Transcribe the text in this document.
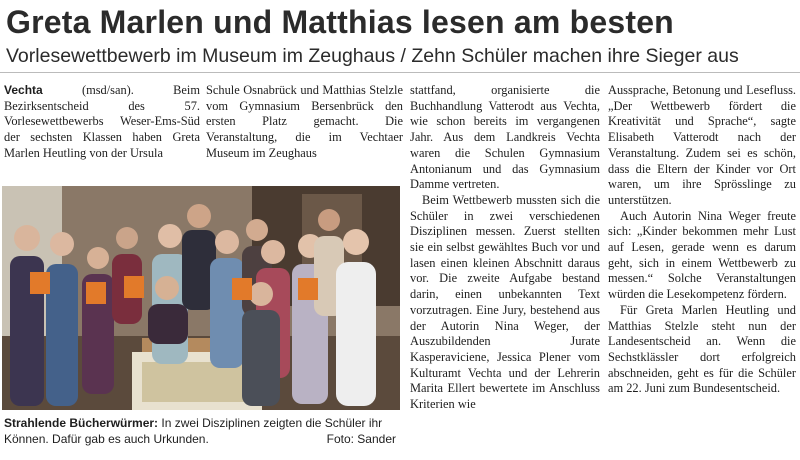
Greta Marlen und Matthias lesen am besten
Vorlesewettbewerb im Museum im Zeughaus / Zehn Schüler machen ihre Sieger aus

Vechta (msd/san). Beim Bezirksentscheid des 57. Vorlesewettbewerbs Weser-Ems-Süd der sechsten Klassen haben Greta Marlen Heutling von der Ursula

Schule Osnabrück und Matthias Stelzle vom Gymnasium Bersenbrück den ersten Platz gemacht. Die Veranstaltung, die im Vechtaer Museum im Zeughaus

Strahlende Bücherwürmer: In zwei Disziplinen zeigten die Schüler ihr Können. Dafür gab es auch Urkunden.	Foto: Sander

stattfand, organisierte die Buchhandlung Vatterodt aus Vechta, wie schon bereits im vergangenen Jahr. Aus dem Landkreis Vechta waren die Schulen Gymnasium Antonianum und das Gymnasium Damme vertreten.

Beim Wettbewerb mussten sich die Schüler in zwei verschiedenen Disziplinen messen. Zuerst stellten sie ein selbst gewähltes Buch vor und lasen einen kleinen Abschnitt daraus vor. Die zweite Aufgabe bestand darin, einen unbekannten Text vorzutragen. Eine Jury, bestehend aus der Autorin Nina Weger, der Auszubildenden Jurate Kasperaviciene, Jessica Plener vom Kulturamt Vechta und der Lehrerin Marita Ellert bewertete im Anschluss Kriterien wie

Aussprache, Betonung und Lesefluss. „Der Wettbewerb fördert die Kreativität und Sprache“, sagte Elisabeth Vatterodt nach der Veranstaltung. Zudem sei es schön, dass die Eltern der Kinder vor Ort waren, um ihre Sprösslinge zu unterstützen.

Auch Autorin Nina Weger freute sich: „Kinder bekommen mehr Lust auf Lesen, gerade wenn es darum geht, sich in einem Wettbewerb zu messen.“ Solche Veranstaltungen würden die Lesekompetenz fördern.

Für Greta Marlen Heutling und Matthias Stelzle steht nun der Landesentscheid an. Wenn die Sechstklässler dort erfolgreich abschneiden, geht es für die Schüler am 22. Juni zum Bundesentscheid.
